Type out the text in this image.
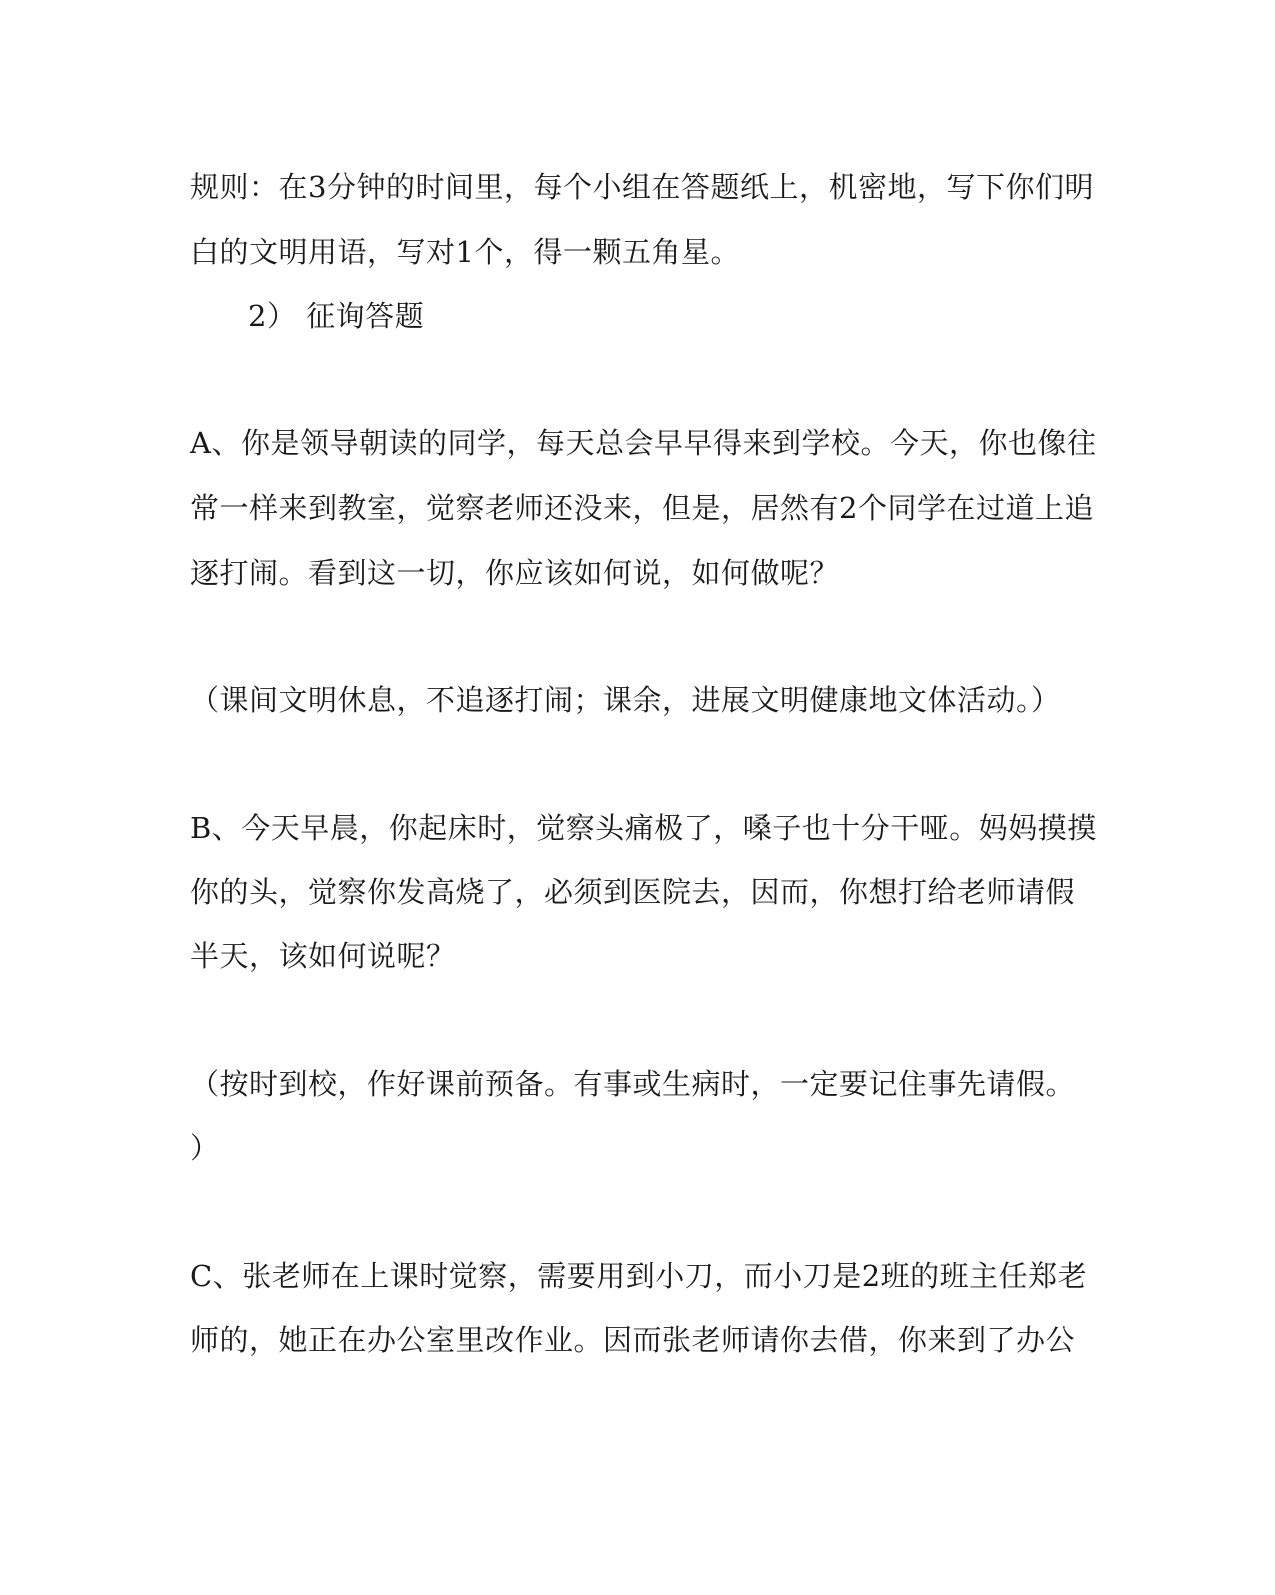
规则：在3分钟的时间里，每个小组在答题纸上，机密地，写下你们明
白的文明用语，写对1个，得一颗五角星。
2） 征询答题
A、你是领导朝读的同学，每天总会早早得来到学校。今天，你也像往
常一样来到教室，觉察老师还没来，但是，居然有2个同学在过道上追
逐打闹。看到这一切，你应该如何说，如何做呢？
（课间文明休息，不追逐打闹；课余，进展文明健康地文体活动。）
B、今天早晨，你起床时，觉察头痛极了，嗓子也十分干哑。妈妈摸摸
你的头，觉察你发高烧了，必须到医院去，因而，你想打给老师请假
半天，该如何说呢？
（按时到校，作好课前预备。有事或生病时，一定要记住事先请假。
）
C、张老师在上课时觉察，需要用到小刀，而小刀是2班的班主任郑老
师的，她正在办公室里改作业。因而张老师请你去借，你来到了办公
